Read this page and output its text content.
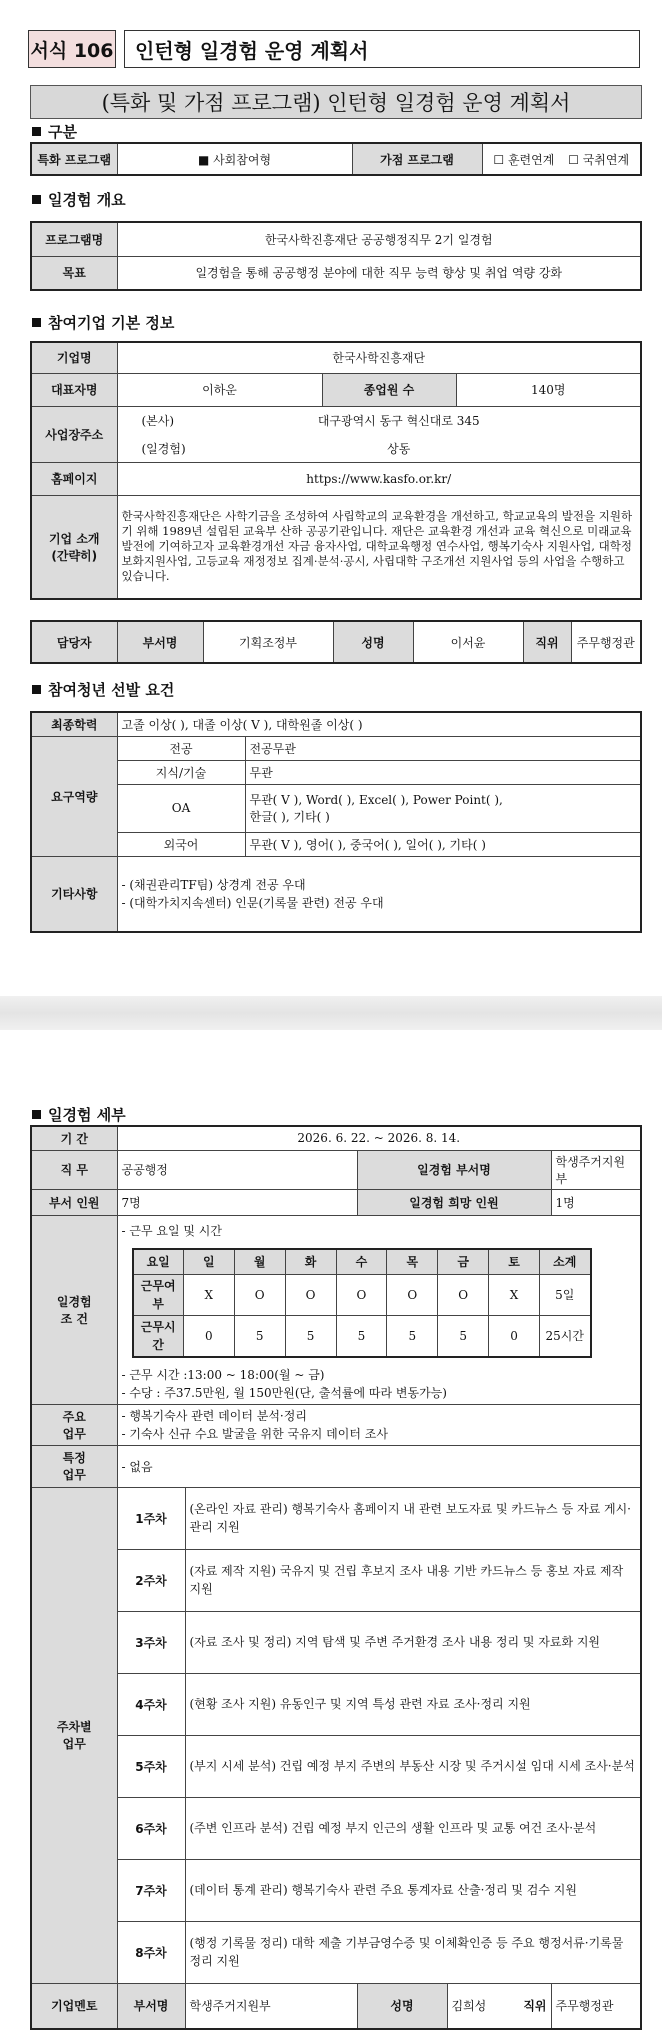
서식 106	인턴형 일경험 운영 계획서
(특화 및 가점 프로그램) 인턴형 일경험 운영 계획서
구분
특화 프로그램	■ 사회참여형	가점 프로그램	☐ 훈련연계 ☐ 국취연계
일경험 개요
프로그램명	한국사학진흥재단 공공행정직무 2기 일경험
목표	일경험을 통해 공공행정 분야에 대한 직무 능력 향상 및 취업 역량 강화
참여기업 기본 정보
기업명	한국사학진흥재단		
대표자명	이하운	종업원 수	140명
사업장주소	(본사) 대구광역시 동구 혁신대로 345
(일경험) 상동		

홈페이지	https://www.kasfo.or.kr/		

기업 소개
(간략히)	한국사학진흥재단은 사학기금을 조성하여 사립학교의 교육환경을 개선하고, 학교교육의 발전을 지원하기 위해 1989년 설립된 교육부 산하 공공기관입니다. 재단은 교육환경 개선과 교육 혁신으로 미래교육 발전에 기여하고자 교육환경개선 자금 융자사업, 대학교육행정 연수사업, 행복기숙사 지원사업, 대학정보화지원사업, 고등교육 재정정보 집계·분석·공시, 사립대학 구조개선 지원사업 등의 사업을 수행하고 있습니다.		
담당자	부서명	기획조정부	성명	이서윤	직위	주무행정관
참여청년 선발 요건
최종학력	고졸 이상( ), 대졸 이상( V ), 대학원졸 이상( )	
요구역량	전공	전공무관
	지식/기술	무관
	OA	무관( V ), Word( ), Excel( ), Power Point( ),
한글( ), 기타( )

	외국어	무관( V ), 영어( ), 중국어( ), 일어( ), 기타( )
기타사항	- (채권관리TF팀) 상경계 전공 우대
- (대학가치지속센터) 인문(기록물 관련) 전공 우대	
일경험 세부
기 간	2026. 6. 22. ~ 2026. 8. 14.
직 무	공공행정	일경험 부서명	학생주거지원부
부서 인원	7명	일경험 희망 인원	1명

일경험
조 건

- 근무 요일 및 시간
요일	일	월	화	수	목	금	토	소계
근무여부	X	O	O	O	O	O	X	5일
근무시간	0	5	5	5	5	5	0	25시간
- 근무 시간 :13:00 ~ 18:00(월 ~ 금)
- 수당 : 주37.5만원, 월 150만원(단, 출석률에 따라 변동가능)

주요
업무

- 행복기숙사 관련 데이터 분석·정리
- 기숙사 신규 수요 발굴을 위한 국유지 데이터 조사

특정
업무
	- 없음

주차별
업무
	1주차	(온라인 자료 관리) 행복기숙사 홈페이지 내 관련 보도자료 및 카드뉴스 등 자료 게시·관리 지원
2주차	(자료 제작 지원) 국유지 및 건립 후보지 조사 내용 기반 카드뉴스 등 홍보 자료 제작 지원
3주차	(자료 조사 및 정리) 지역 탐색 및 주변 주거환경 조사 내용 정리 및 자료화 지원
4주차	(현황 조사 지원) 유동인구 및 지역 특성 관련 자료 조사·정리 지원
5주차	(부지 시세 분석) 건립 예정 부지 주변의 부동산 시장 및 주거시설 임대 시세 조사·분석
6주차	(주변 인프라 분석) 건립 예정 부지 인근의 생활 인프라 및 교통 여건 조사·분석
7주차	(데이터 통계 관리) 행복기숙사 관련 주요 통계자료 산출·정리 및 검수 지원
8주차	(행정 기록물 정리) 대학 제출 기부금영수증 및 이체확인증 등 주요 행정서류·기록물 정리 지원
기업멘토	부서명	학생주거지원부	성명	김희성	직위	주무행정관
